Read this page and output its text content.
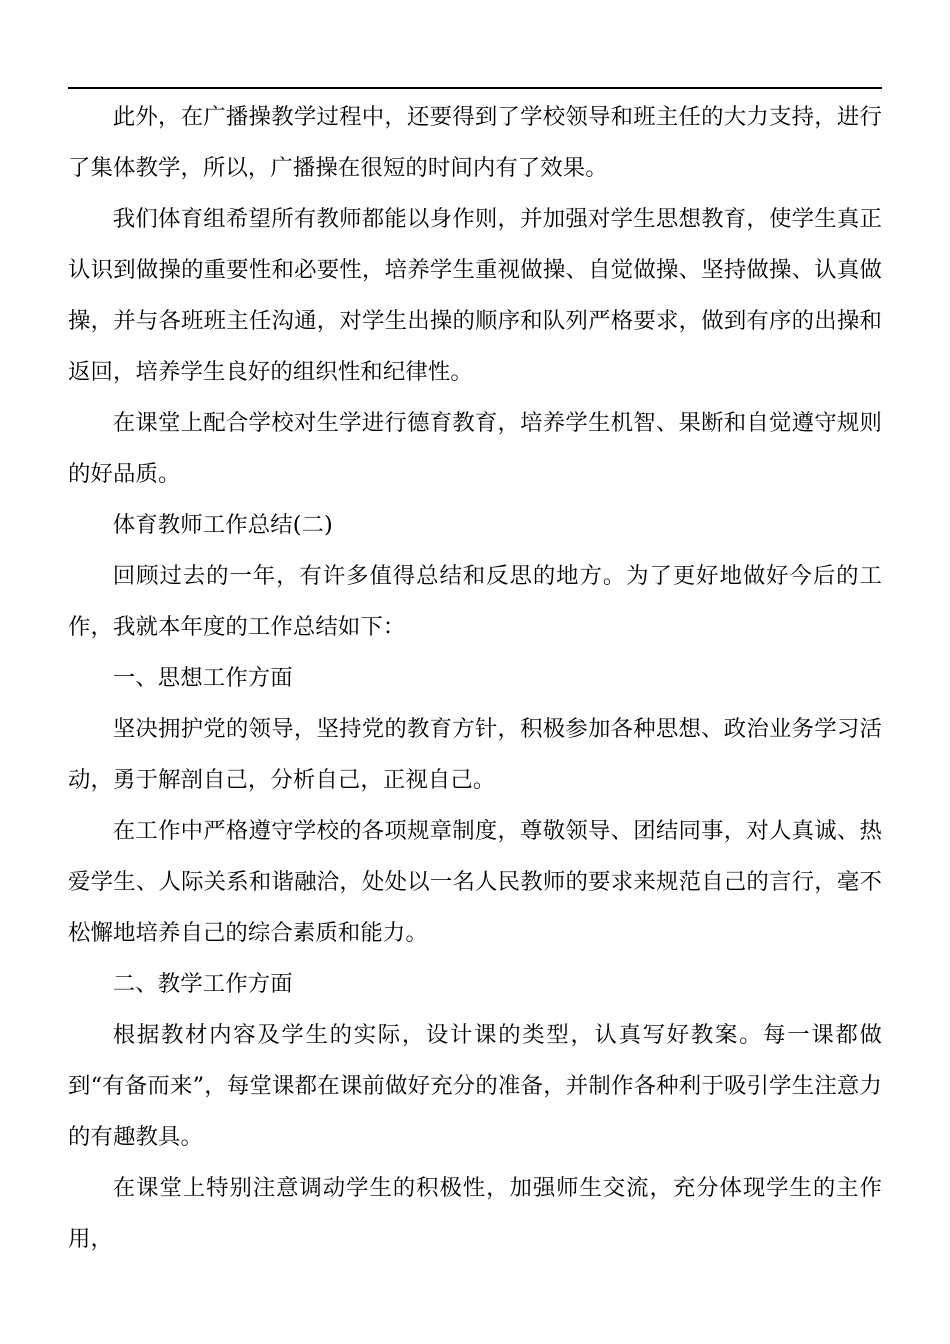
此外，在广播操教学过程中，还要得到了学校领导和班主任的大力支持，进行了集体教学，所以，广播操在很短的时间内有了效果。

我们体育组希望所有教师都能以身作则，并加强对学生思想教育，使学生真正认识到做操的重要性和必要性，培养学生重视做操、自觉做操、坚持做操、认真做操，并与各班班主任沟通，对学生出操的顺序和队列严格要求，做到有序的出操和返回，培养学生良好的组织性和纪律性。

在课堂上配合学校对生学进行德育教育，培养学生机智、果断和自觉遵守规则的好品质。

体育教师工作总结(二)

回顾过去的一年，有许多值得总结和反思的地方。为了更好地做好今后的工作，我就本年度的工作总结如下：

一、思想工作方面

坚决拥护党的领导，坚持党的教育方针，积极参加各种思想、政治业务学习活动，勇于解剖自己，分析自己，正视自己。

在工作中严格遵守学校的各项规章制度，尊敬领导、团结同事，对人真诚、热爱学生、人际关系和谐融洽，处处以一名人民教师的要求来规范自己的言行，毫不松懈地培养自己的综合素质和能力。

二、教学工作方面

根据教材内容及学生的实际，设计课的类型，认真写好教案。每一课都做到“有备而来”，每堂课都在课前做好充分的准备，并制作各种利于吸引学生注意力的有趣教具。

在课堂上特别注意调动学生的积极性，加强师生交流，充分体现学生的主作用，
